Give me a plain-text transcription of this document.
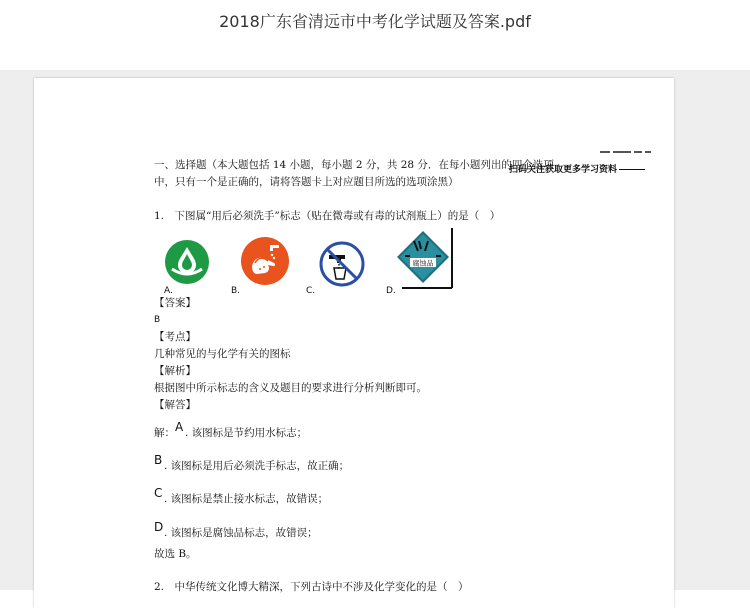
2018广东省清远市中考化学试题及答案.pdf
一、选择题（本大题包括 14 小题，每小题 2 分，共 28 分．在每小题列出的四个选项
扫码关注获取更多学习资料
中，只有一个是正确的，请将答题卡上对应题目所选的选项涂黑）
1.　下图属“用后必须洗手”标志（贴在微毒或有毒的试剂瓶上）的是（　）
A.	B.	C.
腐蚀品
D.
【答案】
B
【考点】
几种常见的与化学有关的图标
【解析】
根据图中所示标志的含义及题目的要求进行分析判断即可。
【解答】
解： A . 该图标是节约用水标志；
B . 该图标是用后必须洗手标志，故正确；
C . 该图标是禁止接水标志，故错误；
D . 该图标是腐蚀品标志，故错误；
故选 B。
2.　中华传统文化博大精深，下列古诗中不涉及化学变化的是（　）
